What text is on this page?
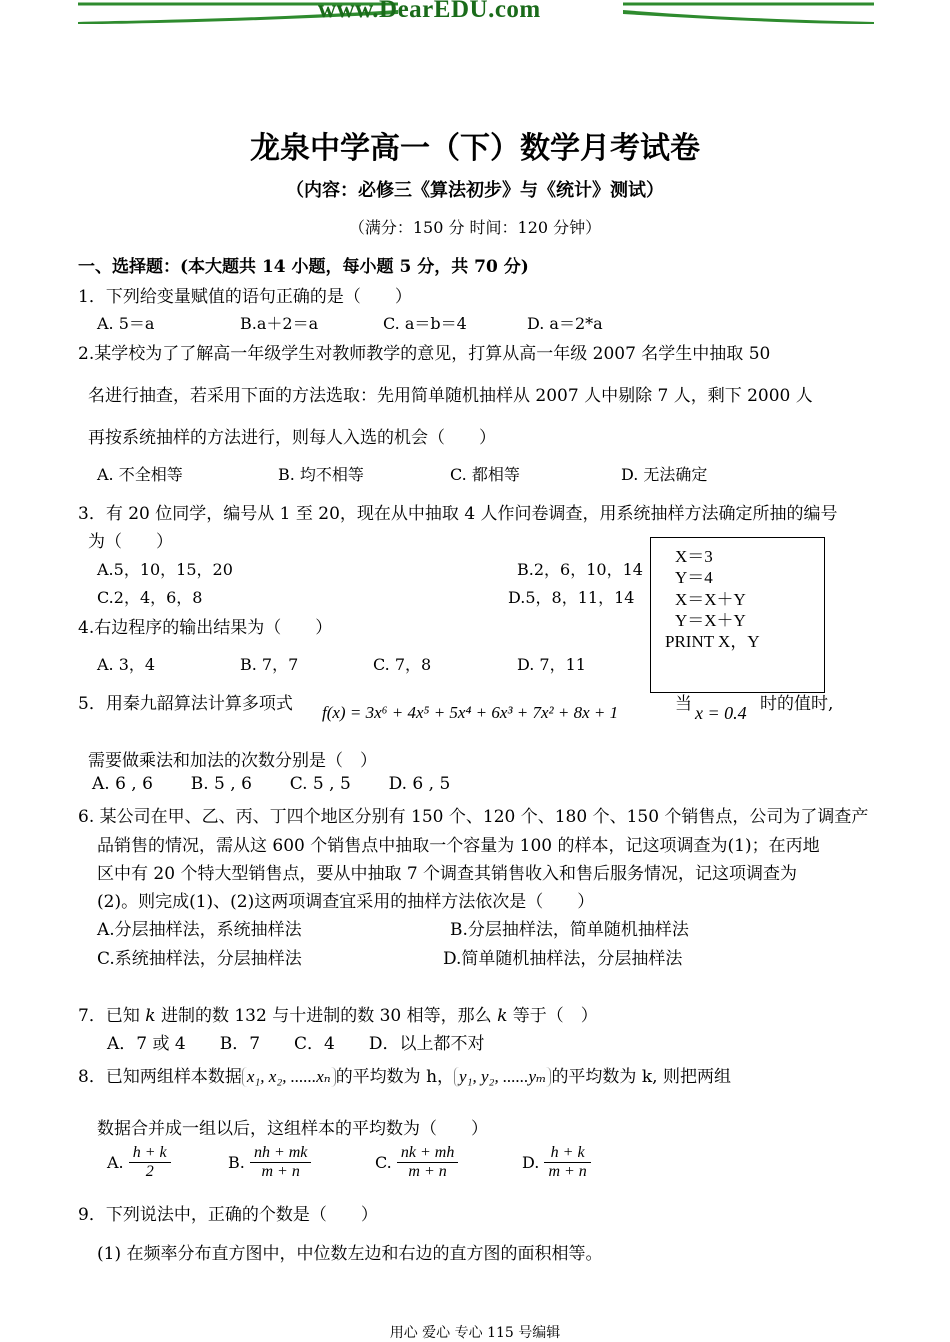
www.DearEDU.com
龙泉中学高一（下）数学月考试卷
（内容：必修三《算法初步》与《统计》测试）
（满分：150 分 时间：120 分钟）
一、选择题：(本大题共 14 小题，每小题 5 分，共 70 分)
1．下列给变量赋值的语句正确的是（　　）
A. 5＝a	B.a＋2＝a	C. a＝b＝4	D. a＝2*a
2.某学校为了了解高一年级学生对教师教学的意见，打算从高一年级 2007 名学生中抽取 50
名进行抽查，若采用下面的方法选取：先用简单随机抽样从 2007 人中剔除 7 人，剩下 2000 人
再按系统抽样的方法进行，则每人入选的机会（　　）
A. 不全相等	B. 均不相等	C. 都相等	D. 无法确定
3．有 20 位同学，编号从 1 至 20，现在从中抽取 4 人作问卷调查，用系统抽样方法确定所抽的编号
为（　　）
A.5，10，15，20	B.2，6，10，14
C.2，4，6，8	D.5，8，11，14
X＝3
Y＝4
X＝X＋Y
Y＝X＋Y
PRINT X，Y
4.右边程序的输出结果为（　　）
A. 3，4	B. 7，7	C. 7，8	D. 7，11
5．用秦九韶算法计算多项式 f(x) = 3x⁶ + 4x⁵ + 5x⁴ + 6x³ + 7x² + 8x + 1	当 x = 0.4 时的值时,
需要做乘法和加法的次数分别是（　）
A. 6 , 6       B. 5 , 6       C. 5 , 5       D. 6 , 5
6. 某公司在甲、乙、丙、丁四个地区分别有 150 个、120 个、180 个、150 个销售点，公司为了调查产
品销售的情况，需从这 600 个销售点中抽取一个容量为 100 的样本，记这项调查为(1)；在丙地
区中有 20 个特大型销售点，要从中抽取 7 个调查其销售收入和售后服务情况，记这项调查为
(2)。则完成(1)、(2)这两项调查宜采用的抽样方法依次是（　　）
A.分层抽样法，系统抽样法	B.分层抽样法，简单随机抽样法
C.系统抽样法，分层抽样法	D.简单随机抽样法，分层抽样法
7．已知 k 进制的数 132 与十进制的数 30 相等，那么 k 等于（　）
A．7 或 4　　B．7　　C．4　　D．以上都不对
8．已知两组样本数据 x₁, x₂, ......xₙ 的平均数为 h， y₁, y₂, ......yₘ 的平均数为 k, 则把两组
数据合并成一组以后，这组样本的平均数为（　　）
A. $\frac{h + k}{2}$	B. $\frac{nh + mk}{m + n}$	C. $\frac{nk + mh}{m + n}$	D. $\frac{h + k}{m + n}$
9．下列说法中，正确的个数是（　　）
(1) 在频率分布直方图中，中位数左边和右边的直方图的面积相等。
用心 爱心 专心 115 号编辑
